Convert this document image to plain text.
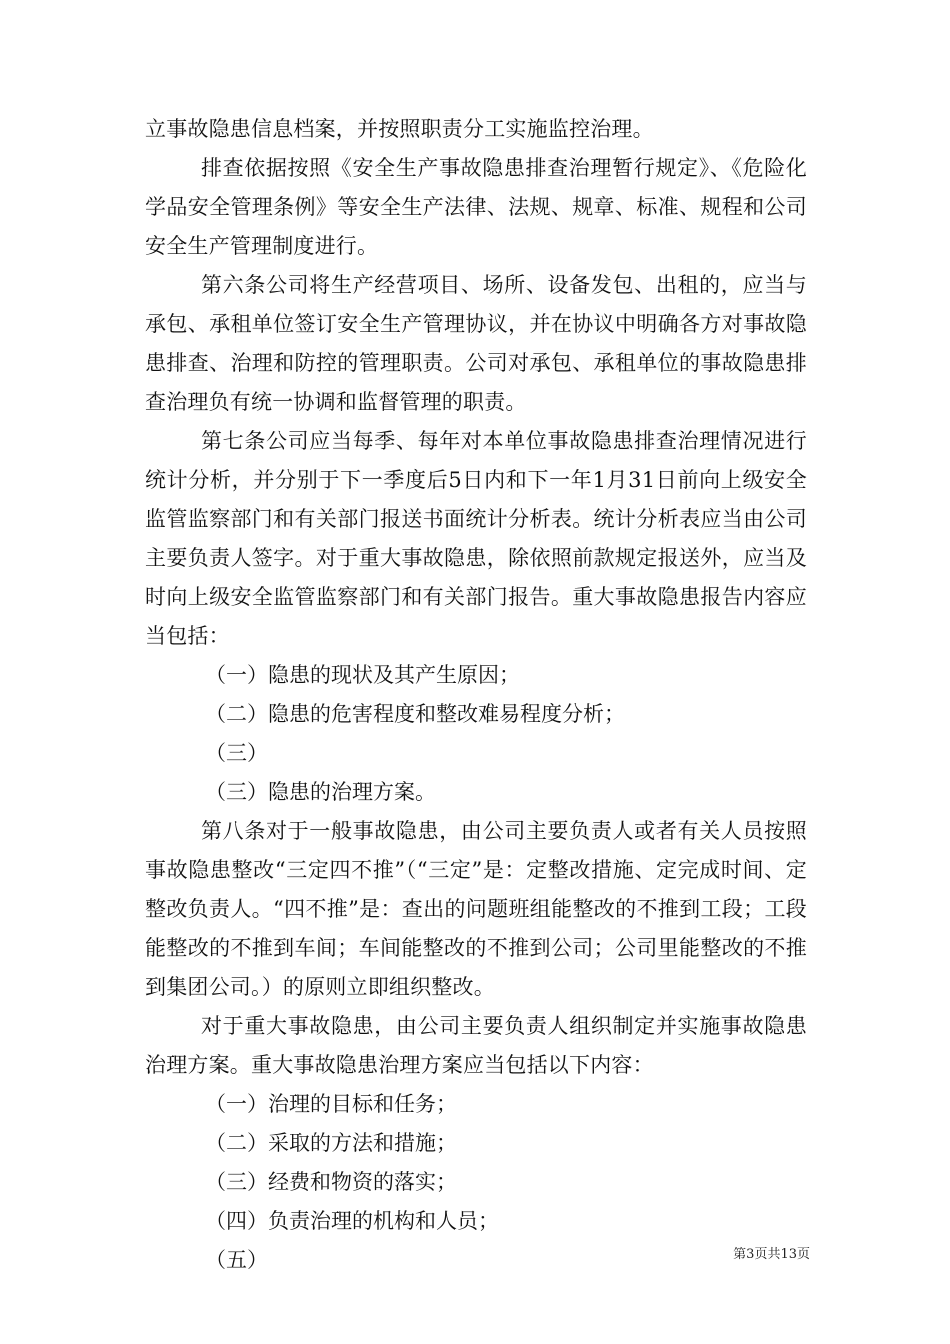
立事故隐患信息档案，并按照职责分工实施监控治理。

排查依据按照《安全生产事故隐患排查治理暂行规定》、《危险化学品安全管理条例》等安全生产法律、法规、规章、标准、规程和公司安全生产管理制度进行。

第六条公司将生产经营项目、场所、设备发包、出租的，应当与承包、承租单位签订安全生产管理协议，并在协议中明确各方对事故隐患排查、治理和防控的管理职责。公司对承包、承租单位的事故隐患排查治理负有统一协调和监督管理的职责。

第七条公司应当每季、每年对本单位事故隐患排查治理情况进行统计分析，并分别于下一季度后5日内和下一年1月31日前向上级安全监管监察部门和有关部门报送书面统计分析表。统计分析表应当由公司主要负责人签字。对于重大事故隐患，除依照前款规定报送外，应当及时向上级安全监管监察部门和有关部门报告。重大事故隐患报告内容应当包括：

（一）隐患的现状及其产生原因；

（二）隐患的危害程度和整改难易程度分析；

（三）

（三）隐患的治理方案。

第八条对于一般事故隐患，由公司主要负责人或者有关人员按照事故隐患整改“三定四不推”（“三定”是：定整改措施、定完成时间、定整改负责人。“四不推”是：查出的问题班组能整改的不推到工段；工段能整改的不推到车间；车间能整改的不推到公司；公司里能整改的不推到集团公司。）的原则立即组织整改。

对于重大事故隐患，由公司主要负责人组织制定并实施事故隐患治理方案。重大事故隐患治理方案应当包括以下内容：

（一）治理的目标和任务；

（二）采取的方法和措施；

（三）经费和物资的落实；

（四）负责治理的机构和人员；

（五）	第3页共13页
